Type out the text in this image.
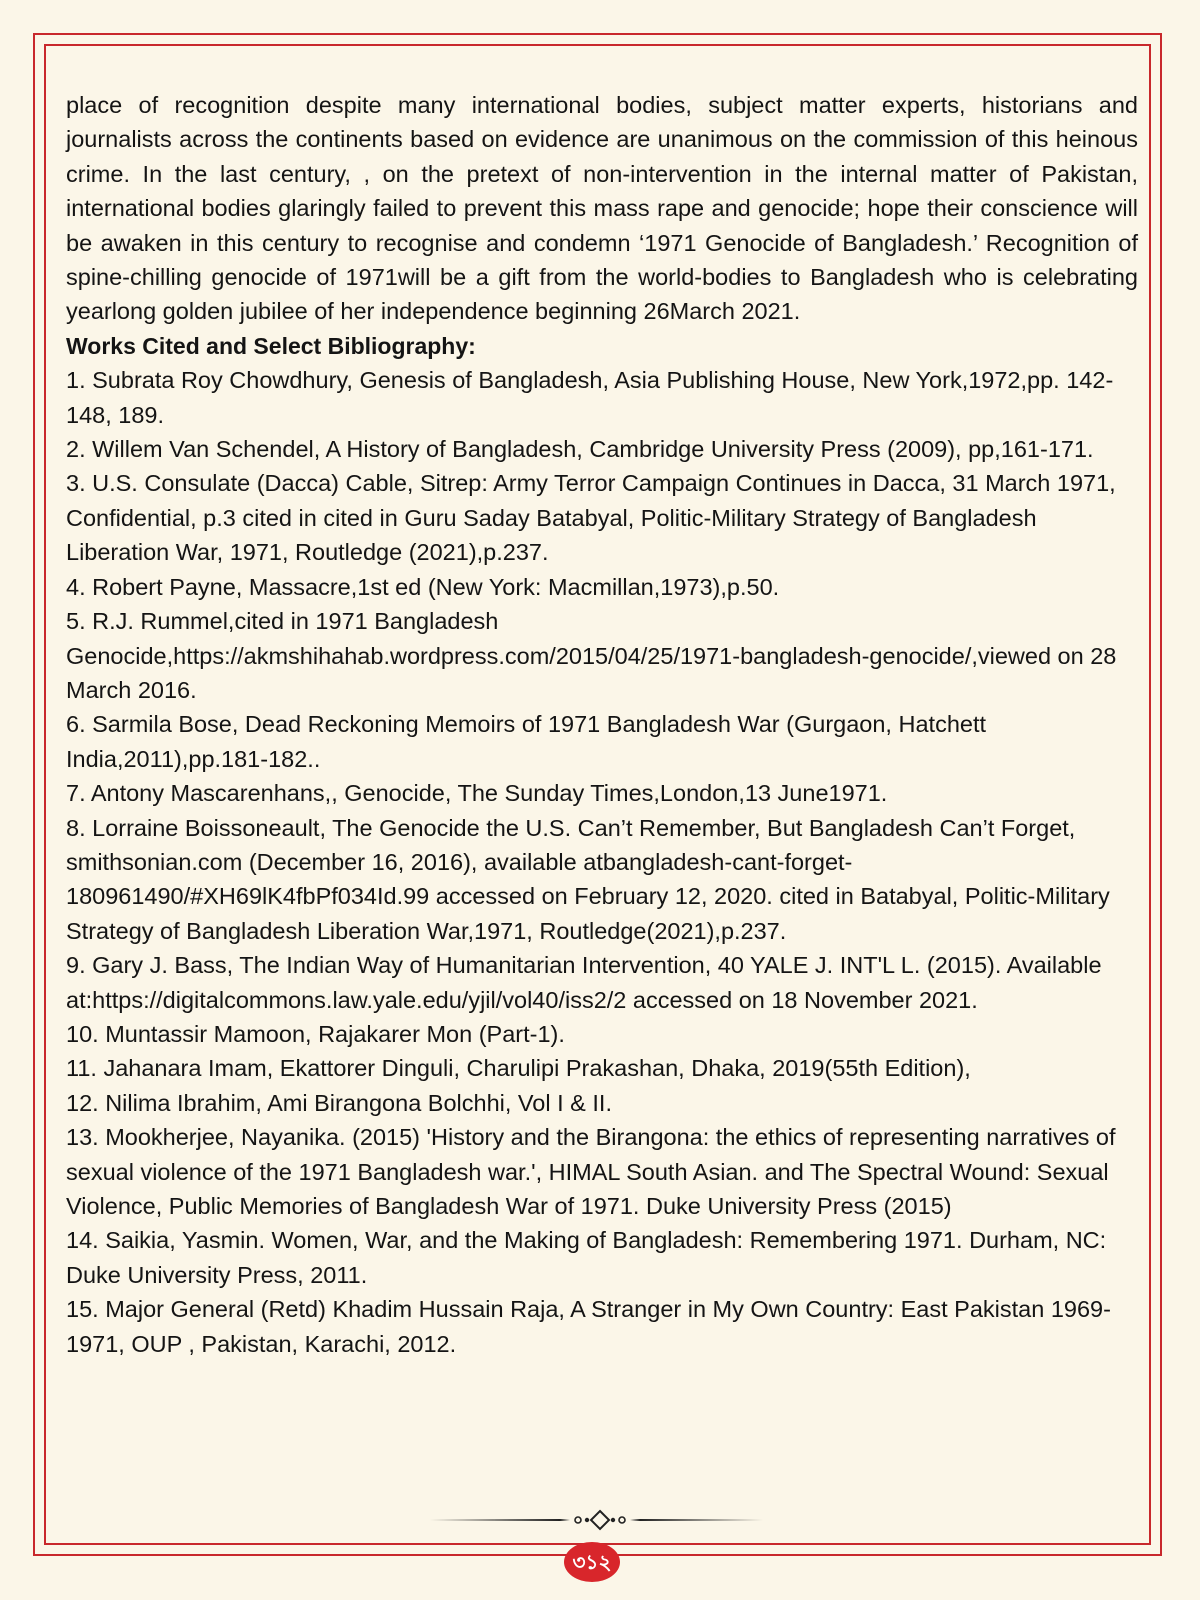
place of recognition despite many international bodies, subject matter experts, historians and journalists across the continents based on evidence are unanimous on the commission of this heinous crime. In the last century, , on the pretext of non-intervention in the internal matter of Pakistan, international bodies glaringly failed to prevent this mass rape and genocide; hope their conscience will be awaken in this century to recognise and condemn ‘1971 Genocide of Bangladesh.’ Recognition of spine-chilling genocide of 1971will be a gift from the world-bodies to Bangladesh who is celebrating yearlong golden jubilee of her independence beginning 26March 2021.

Works Cited and Select Bibliography:

1. Subrata Roy Chowdhury, Genesis of Bangladesh, Asia Publishing House, New York,1972,pp. 142-148, 189.
2. Willem Van Schendel, A History of Bangladesh, Cambridge University Press (2009), pp,161-171.
3. U.S. Consulate (Dacca) Cable, Sitrep: Army Terror Campaign Continues in Dacca, 31 March 1971, Confidential, p.3 cited in cited in Guru Saday Batabyal, Politic-Military Strategy of Bangladesh Liberation War, 1971, Routledge (2021),p.237.
4. Robert Payne, Massacre,1st ed (New York: Macmillan,1973),p.50.
5. R.J. Rummel,cited in 1971 Bangladesh Genocide,https://akmshihahab.wordpress.com/2015/04/25/1971-bangladesh-genocide/,viewed on 28 March 2016.
6. Sarmila Bose, Dead Reckoning Memoirs of 1971 Bangladesh War (Gurgaon, Hatchett India,2011),pp.181-182..
7. Antony Mascarenhans,, Genocide, The Sunday Times,London,13 June1971.
8. Lorraine Boissoneault, The Genocide the U.S. Can’t Remember, But Bangladesh Can’t Forget, smithsonian.com (December 16, 2016), available atbangladesh-cant-forget-180961490/#XH69lK4fbPf034Id.99 accessed on February 12, 2020. cited in Batabyal, Politic-Military Strategy of Bangladesh Liberation War,1971, Routledge(2021),p.237.
9. Gary J. Bass, The Indian Way of Humanitarian Intervention, 40 YALE J. INT'L L. (2015). Available at:https://digitalcommons.law.yale.edu/yjil/vol40/iss2/2 accessed on 18 November 2021.
10. Muntassir Mamoon, Rajakarer Mon (Part-1).
11. Jahanara Imam, Ekattorer Dinguli, Charulipi Prakashan, Dhaka, 2019(55th Edition),
12. Nilima Ibrahim, Ami Birangona Bolchhi, Vol I & II.
13. Mookherjee, Nayanika. (2015) 'History and the Birangona: the ethics of representing narratives of sexual violence of the 1971 Bangladesh war.', HIMAL South Asian. and The Spectral Wound: Sexual Violence, Public Memories of Bangladesh War of 1971. Duke University Press (2015)
14. Saikia, Yasmin. Women, War, and the Making of Bangladesh: Remembering 1971. Durham, NC: Duke University Press, 2011.
15. Major General (Retd) Khadim Hussain Raja, A Stranger in My Own Country: East Pakistan 1969-1971, OUP , Pakistan, Karachi, 2012.
৩১২
